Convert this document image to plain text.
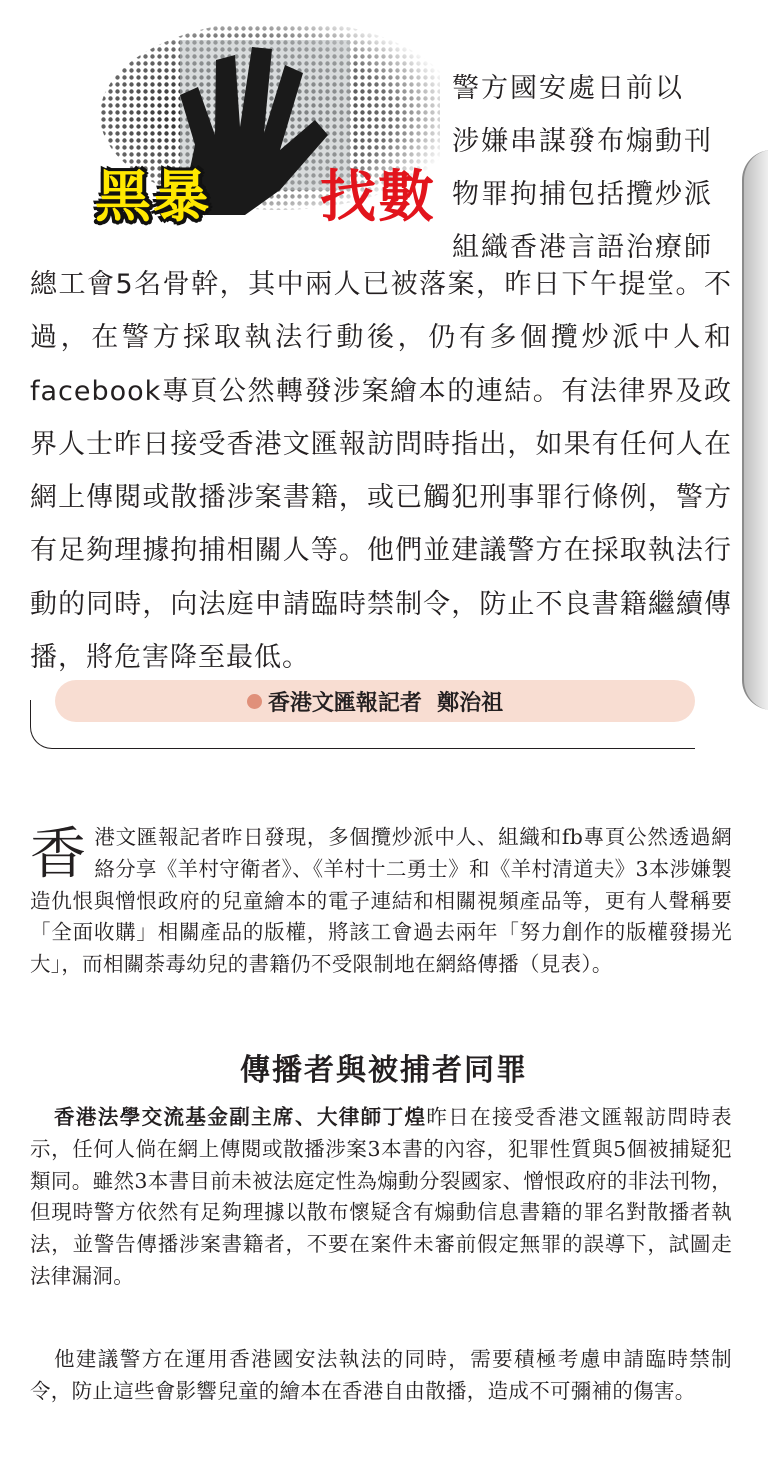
黑暴 找數
警方國安處日前以
涉嫌串謀發布煽動刊
物罪拘捕包括攬炒派
組織香港言語治療師
總工會5名骨幹，其中兩人已被落案，昨日下午提堂。不過，在警方採取執法行動後，仍有多個攬炒派中人和facebook專頁公然轉發涉案繪本的連結。有法律界及政界人士昨日接受香港文匯報訪問時指出，如果有任何人在網上傳閱或散播涉案書籍，或已觸犯刑事罪行條例，警方有足夠理據拘捕相關人等。他們並建議警方在採取執法行動的同時，向法庭申請臨時禁制令，防止不良書籍繼續傳播，將危害降至最低。
香港文匯報記者  鄭治祖
香 港文匯報記者昨日發現，多個攬炒派中人、組織和fb專頁公然透過網絡分享《羊村守衛者》、《羊村十二勇士》和《羊村清道夫》3本涉嫌製造仇恨與憎恨政府的兒童繪本的電子連結和相關視頻產品等，更有人聲稱要「全面收購」相關產品的版權，將該工會過去兩年「努力創作的版權發揚光大」，而相關荼毒幼兒的書籍仍不受限制地在網絡傳播（見表）。
傳播者與被捕者同罪
香港法學交流基金副主席、大律師丁煌昨日在接受香港文匯報訪問時表示，任何人倘在網上傳閱或散播涉案3本書的內容，犯罪性質與5個被捕疑犯類同。雖然3本書目前未被法庭定性為煽動分裂國家、憎恨政府的非法刊物，但現時警方依然有足夠理據以散布懷疑含有煽動信息書籍的罪名對散播者執法，並警告傳播涉案書籍者，不要在案件未審前假定無罪的誤導下，試圖走法律漏洞。
他建議警方在運用香港國安法執法的同時，需要積極考慮申請臨時禁制令，防止這些會影響兒童的繪本在香港自由散播，造成不可彌補的傷害。
